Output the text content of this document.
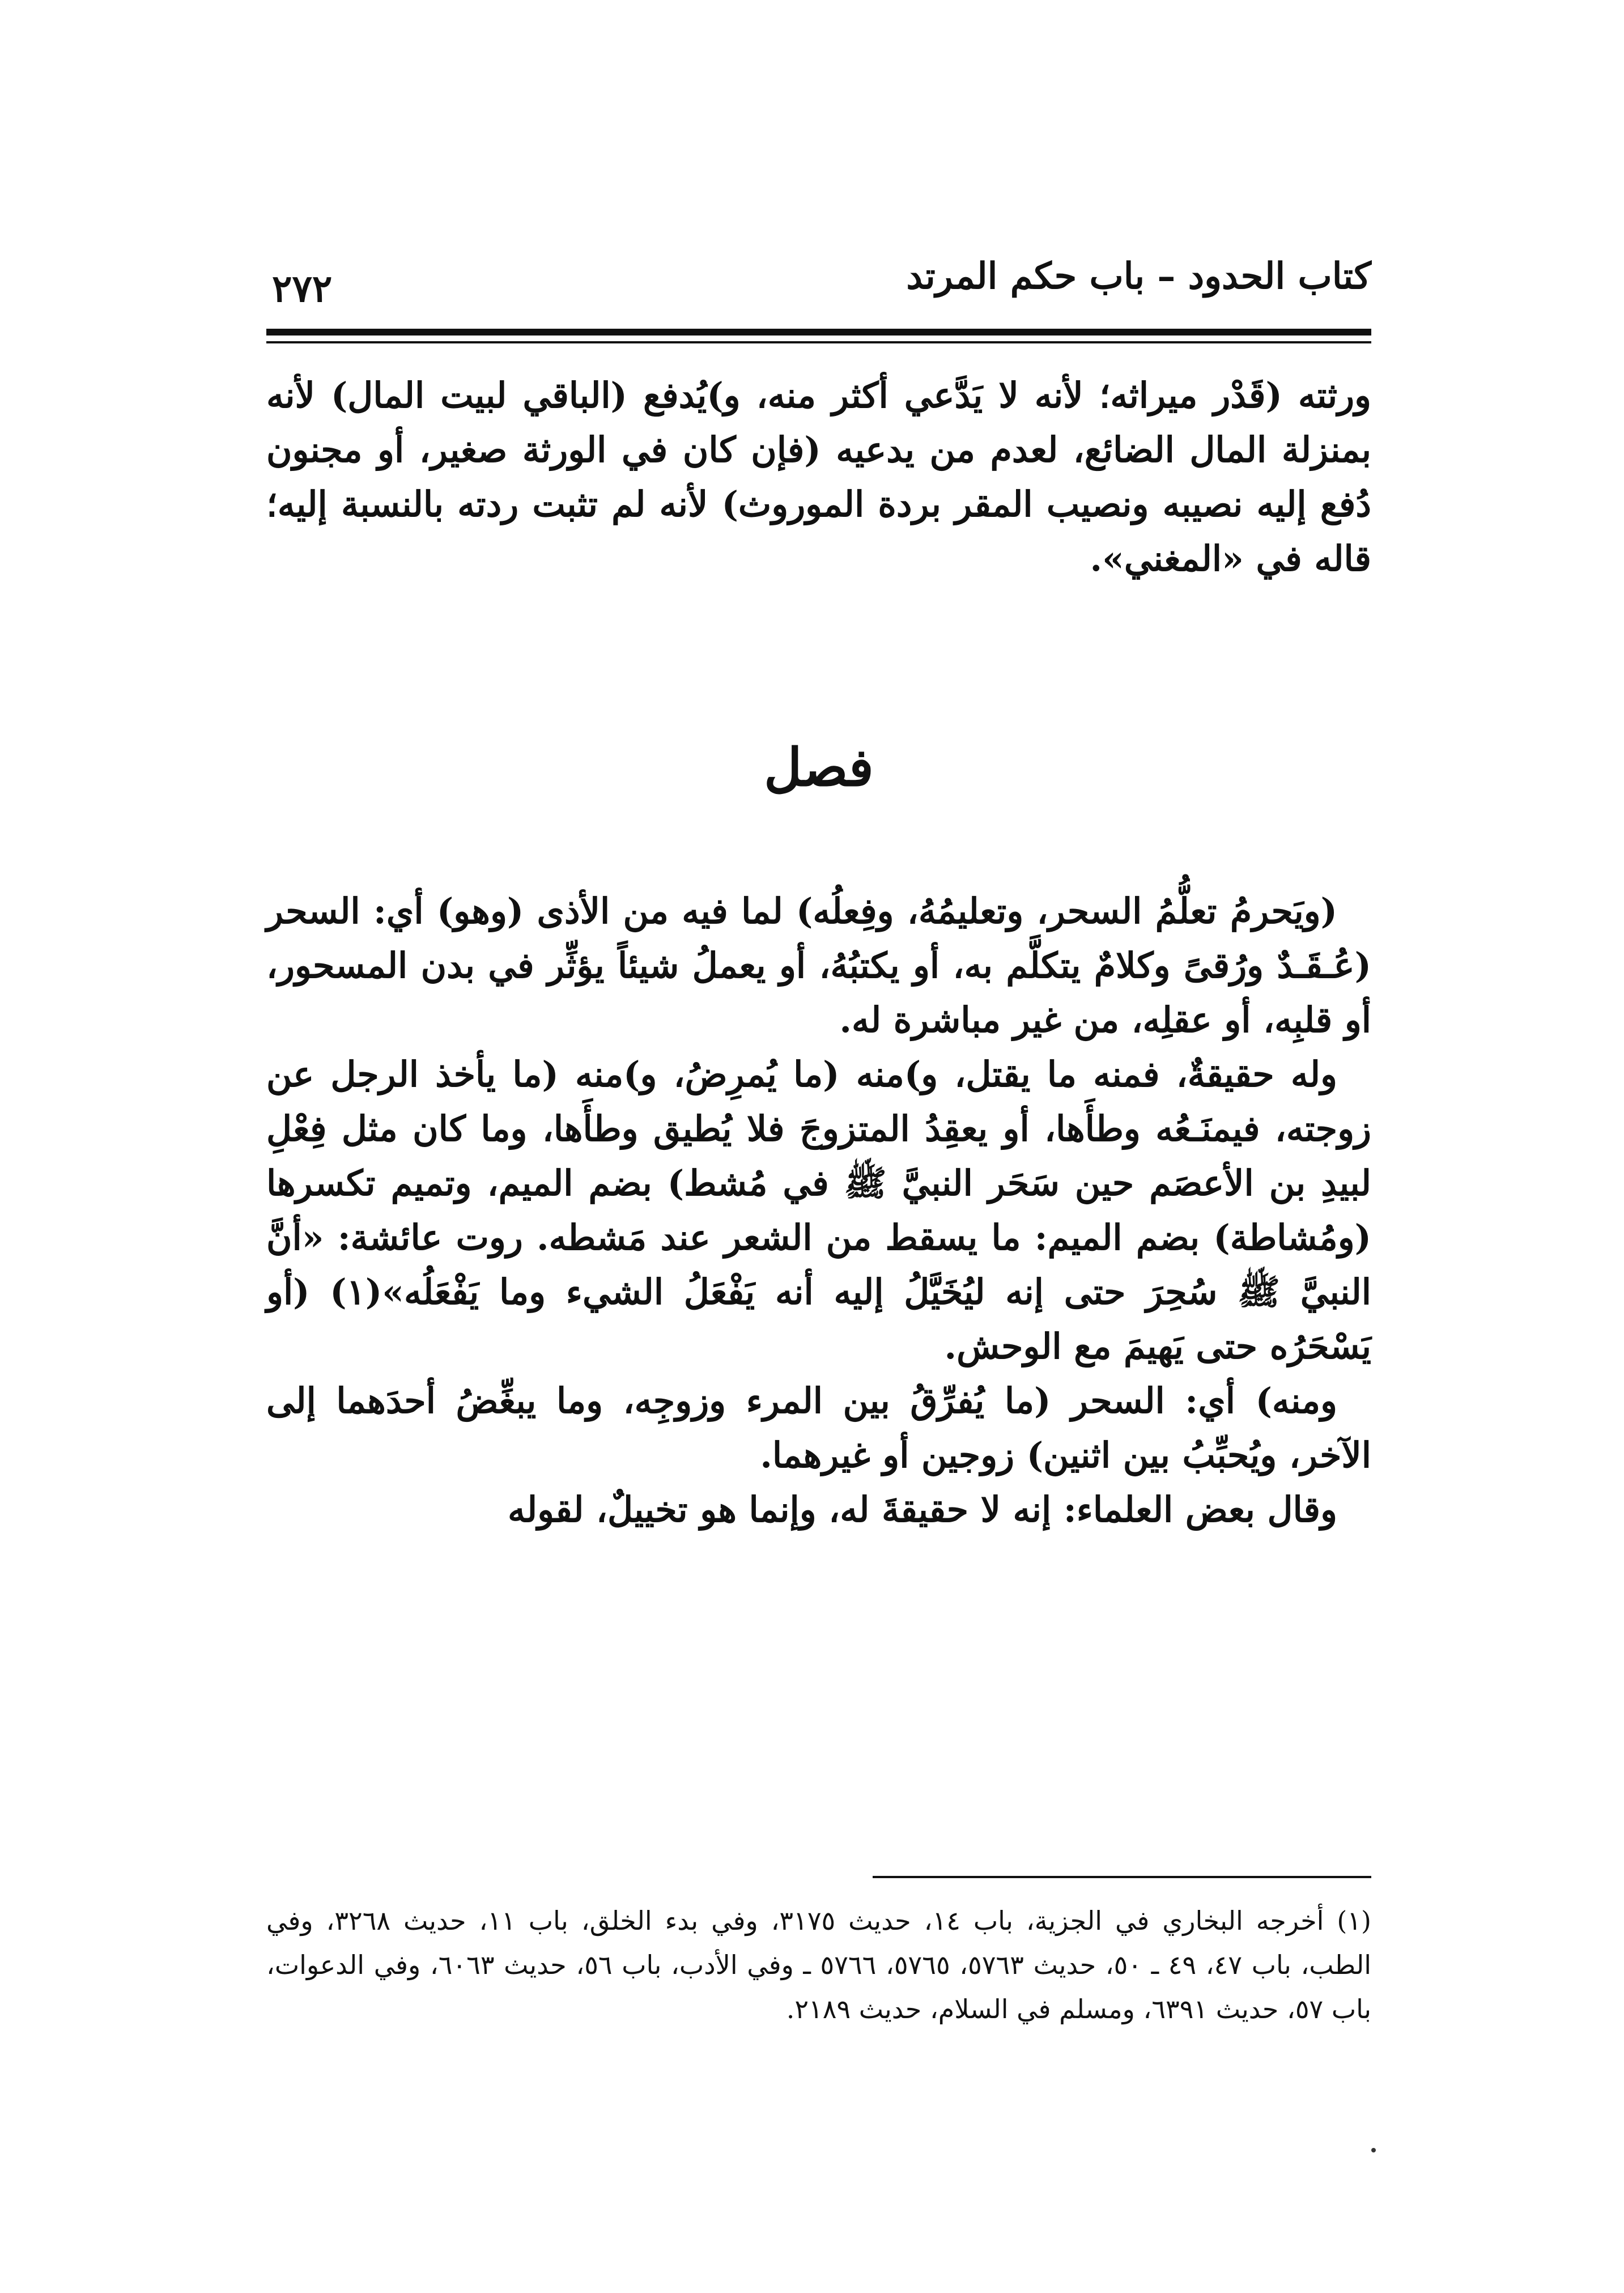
كتاب الحدود – باب حكم المرتد
٢٧٢
ورثته (قَدْر ميراثه؛ لأنه لا يَدَّعي أكثر منه، و)يُدفع (الباقي لبيت المال) لأنه بمنزلة المال الضائع، لعدم من يدعيه (فإن كان في الورثة صغير، أو مجنون دُفع إليه نصيبه ونصيب المقر بردة الموروث) لأنه لم تثبت ردته بالنسبة إليه؛ قاله في «المغني».
فصل

(ويَحرمُ تعلُّمُ السحر، وتعليمُهُ، وفِعلُه) لما فيه من الأذى (وهو) أي: السحر (عُـقَـدٌ ورُقىً وكلامٌ يتكلَّم به، أو يكتبُهُ، أو يعملُ شيئاً يؤثِّر في بدن المسحور، أو قلبِه، أو عقلِه، من غير مباشرة له.

وله حقيقةٌ، فمنه ما يقتل، و)منه (ما يُمرِضُ، و)منه (ما يأخذ الرجل عن زوجته، فيمنَـعُه وطأَها، أو يعقِدُ المتزوجَ فلا يُطيق وطأَها، وما كان مثل فِعْلِ لبيدِ بن الأعصَم حين سَحَر النبيَّ ﷺ في مُشط) بضم الميم، وتميم تكسرها (ومُشاطة) بضم الميم: ما يسقط من الشعر عند مَشطه. روت عائشة: «أنَّ النبيَّ ﷺ سُحِرَ حتى إنه ليُخَيَّلُ إليه أنه يَفْعَلُ الشيء وما يَفْعَلُه»(١) (أو يَسْحَرُه حتى يَهيمَ مع الوحش.

ومنه) أي: السحر (ما يُفرِّقُ بين المرء وزوجِه، وما يبغِّضُ أحدَهما إلى الآخر، ويُحبِّبُ بين اثنين) زوجين أو غيرهما.

وقال بعض العلماء: إنه لا حقيقةَ له، وإنما هو تخييلٌ، لقوله

(١) أخرجه البخاري في الجزية، باب ١٤، حديث ٣١٧٥، وفي بدء الخلق، باب ١١، حديث ٣٢٦٨، وفي الطب، باب ٤٧، ٤٩ ـ ٥٠، حديث ٥٧٦٣، ٥٧٦٥، ٥٧٦٦ ـ وفي الأدب، باب ٥٦، حديث ٦٠٦٣، وفي الدعوات، باب ٥٧، حديث ٦٣٩١، ومسلم في السلام، حديث ٢١٨٩.
